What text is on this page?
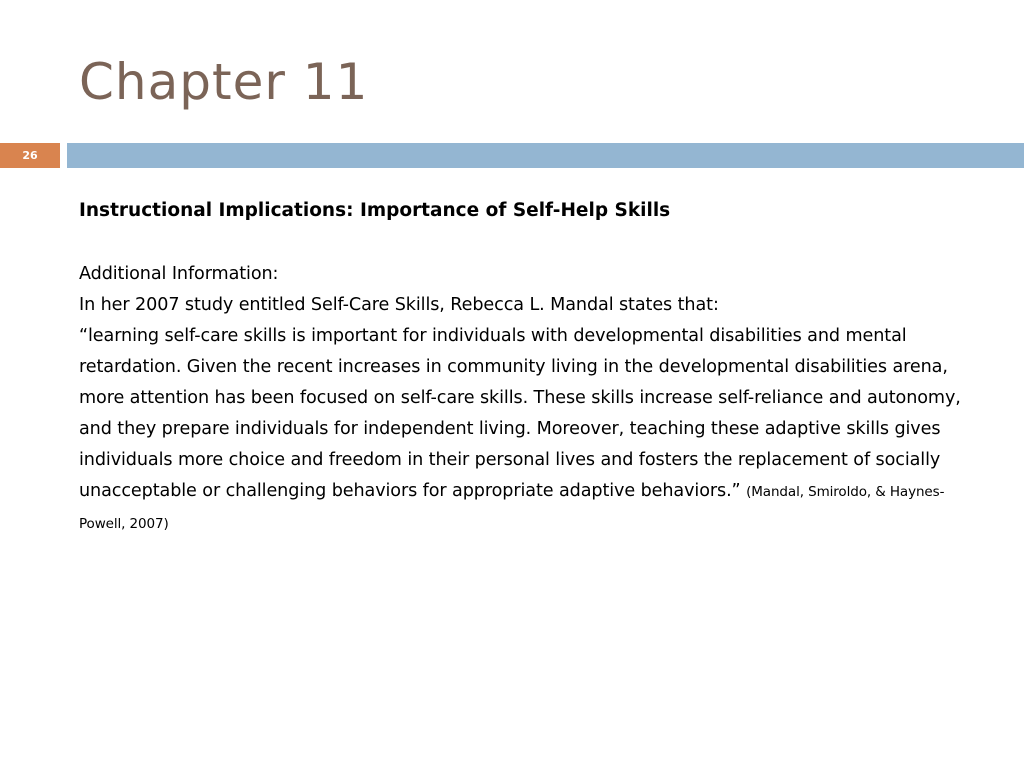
Chapter 11
26

Instructional Implications: Importance of Self-Help Skills

Additional Information:
In her 2007 study entitled Self-Care Skills, Rebecca L. Mandal states that:
“learning self-care skills is important for individuals with developmental disabilities and mental retardation. Given the recent increases in community living in the developmental disabilities arena, more attention has been focused on self-care skills. These skills increase self-reliance and autonomy, and they prepare individuals for independent living. Moreover, teaching these adaptive skills gives individuals more choice and freedom in their personal lives and fosters the replacement of socially unacceptable or challenging behaviors for appropriate adaptive behaviors.” (Mandal, Smiroldo, & Haynes-Powell, 2007)
